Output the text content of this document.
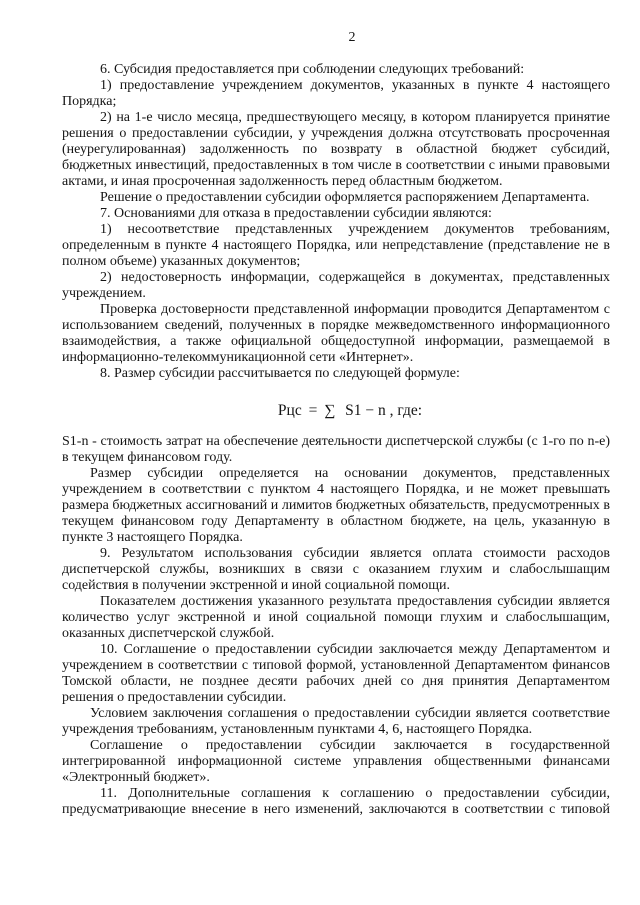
2

6. Субсидия предоставляется при соблюдении следующих требований:

1) предоставление учреждением документов, указанных в пункте 4 настоящего Порядка;

2) на 1-е число месяца, предшествующего месяцу, в котором планируется принятие решения о предоставлении субсидии, у учреждения должна отсутствовать просроченная (неурегулированная) задолженность по возврату в областной бюджет субсидий, бюджетных инвестиций, предоставленных в том числе в соответствии с иными правовыми актами, и иная просроченная задолженность перед областным бюджетом.

Решение о предоставлении субсидии оформляется распоряжением Департамента.

7. Основаниями для отказа в предоставлении субсидии являются:

1) несоответствие представленных учреждением документов требованиям, определенным в пункте 4 настоящего Порядка, или непредставление (представление не в полном объеме) указанных документов;

2) недостоверность информации, содержащейся в документах, представленных учреждением.

Проверка достоверности представленной информации проводится Департаментом с использованием сведений, полученных в порядке межведомственного информационного взаимодействия, а также официальной общедоступной информации, размещаемой в информационно-телекоммуникационной сети «Интернет».

8. Размер субсидии рассчитывается по следующей формуле:

Рцс = ∑ S1 − n , где:

S1-n - стоимость затрат на обеспечение деятельности диспетчерской службы (с 1-го по n-е) в текущем финансовом году.

Размер субсидии определяется на основании документов, представленных учреждением в соответствии с пунктом 4 настоящего Порядка, и не может превышать размера бюджетных ассигнований и лимитов бюджетных обязательств, предусмотренных в текущем финансовом году Департаменту в областном бюджете, на цель, указанную в пункте 3 настоящего Порядка.

9. Результатом использования субсидии является оплата стоимости расходов диспетчерской службы, возникших в связи с оказанием глухим и слабослышащим содействия в получении экстренной и иной социальной помощи.

Показателем достижения указанного результата предоставления субсидии является количество услуг экстренной и иной социальной помощи глухим и слабослышащим, оказанных диспетчерской службой.

10. Соглашение о предоставлении субсидии заключается между Департаментом и учреждением в соответствии с типовой формой, установленной Департаментом финансов Томской области, не позднее десяти рабочих дней со дня принятия Департаментом решения о предоставлении субсидии.

Условием заключения соглашения о предоставлении субсидии является соответствие учреждения требованиям, установленным пунктами 4, 6, настоящего Порядка.

Соглашение о предоставлении субсидии заключается в государственной интегрированной информационной системе управления общественными финансами «Электронный бюджет».

11. Дополнительные соглашения к соглашению о предоставлении субсидии, предусматривающие внесение в него изменений, заключаются в соответствии с типовой
